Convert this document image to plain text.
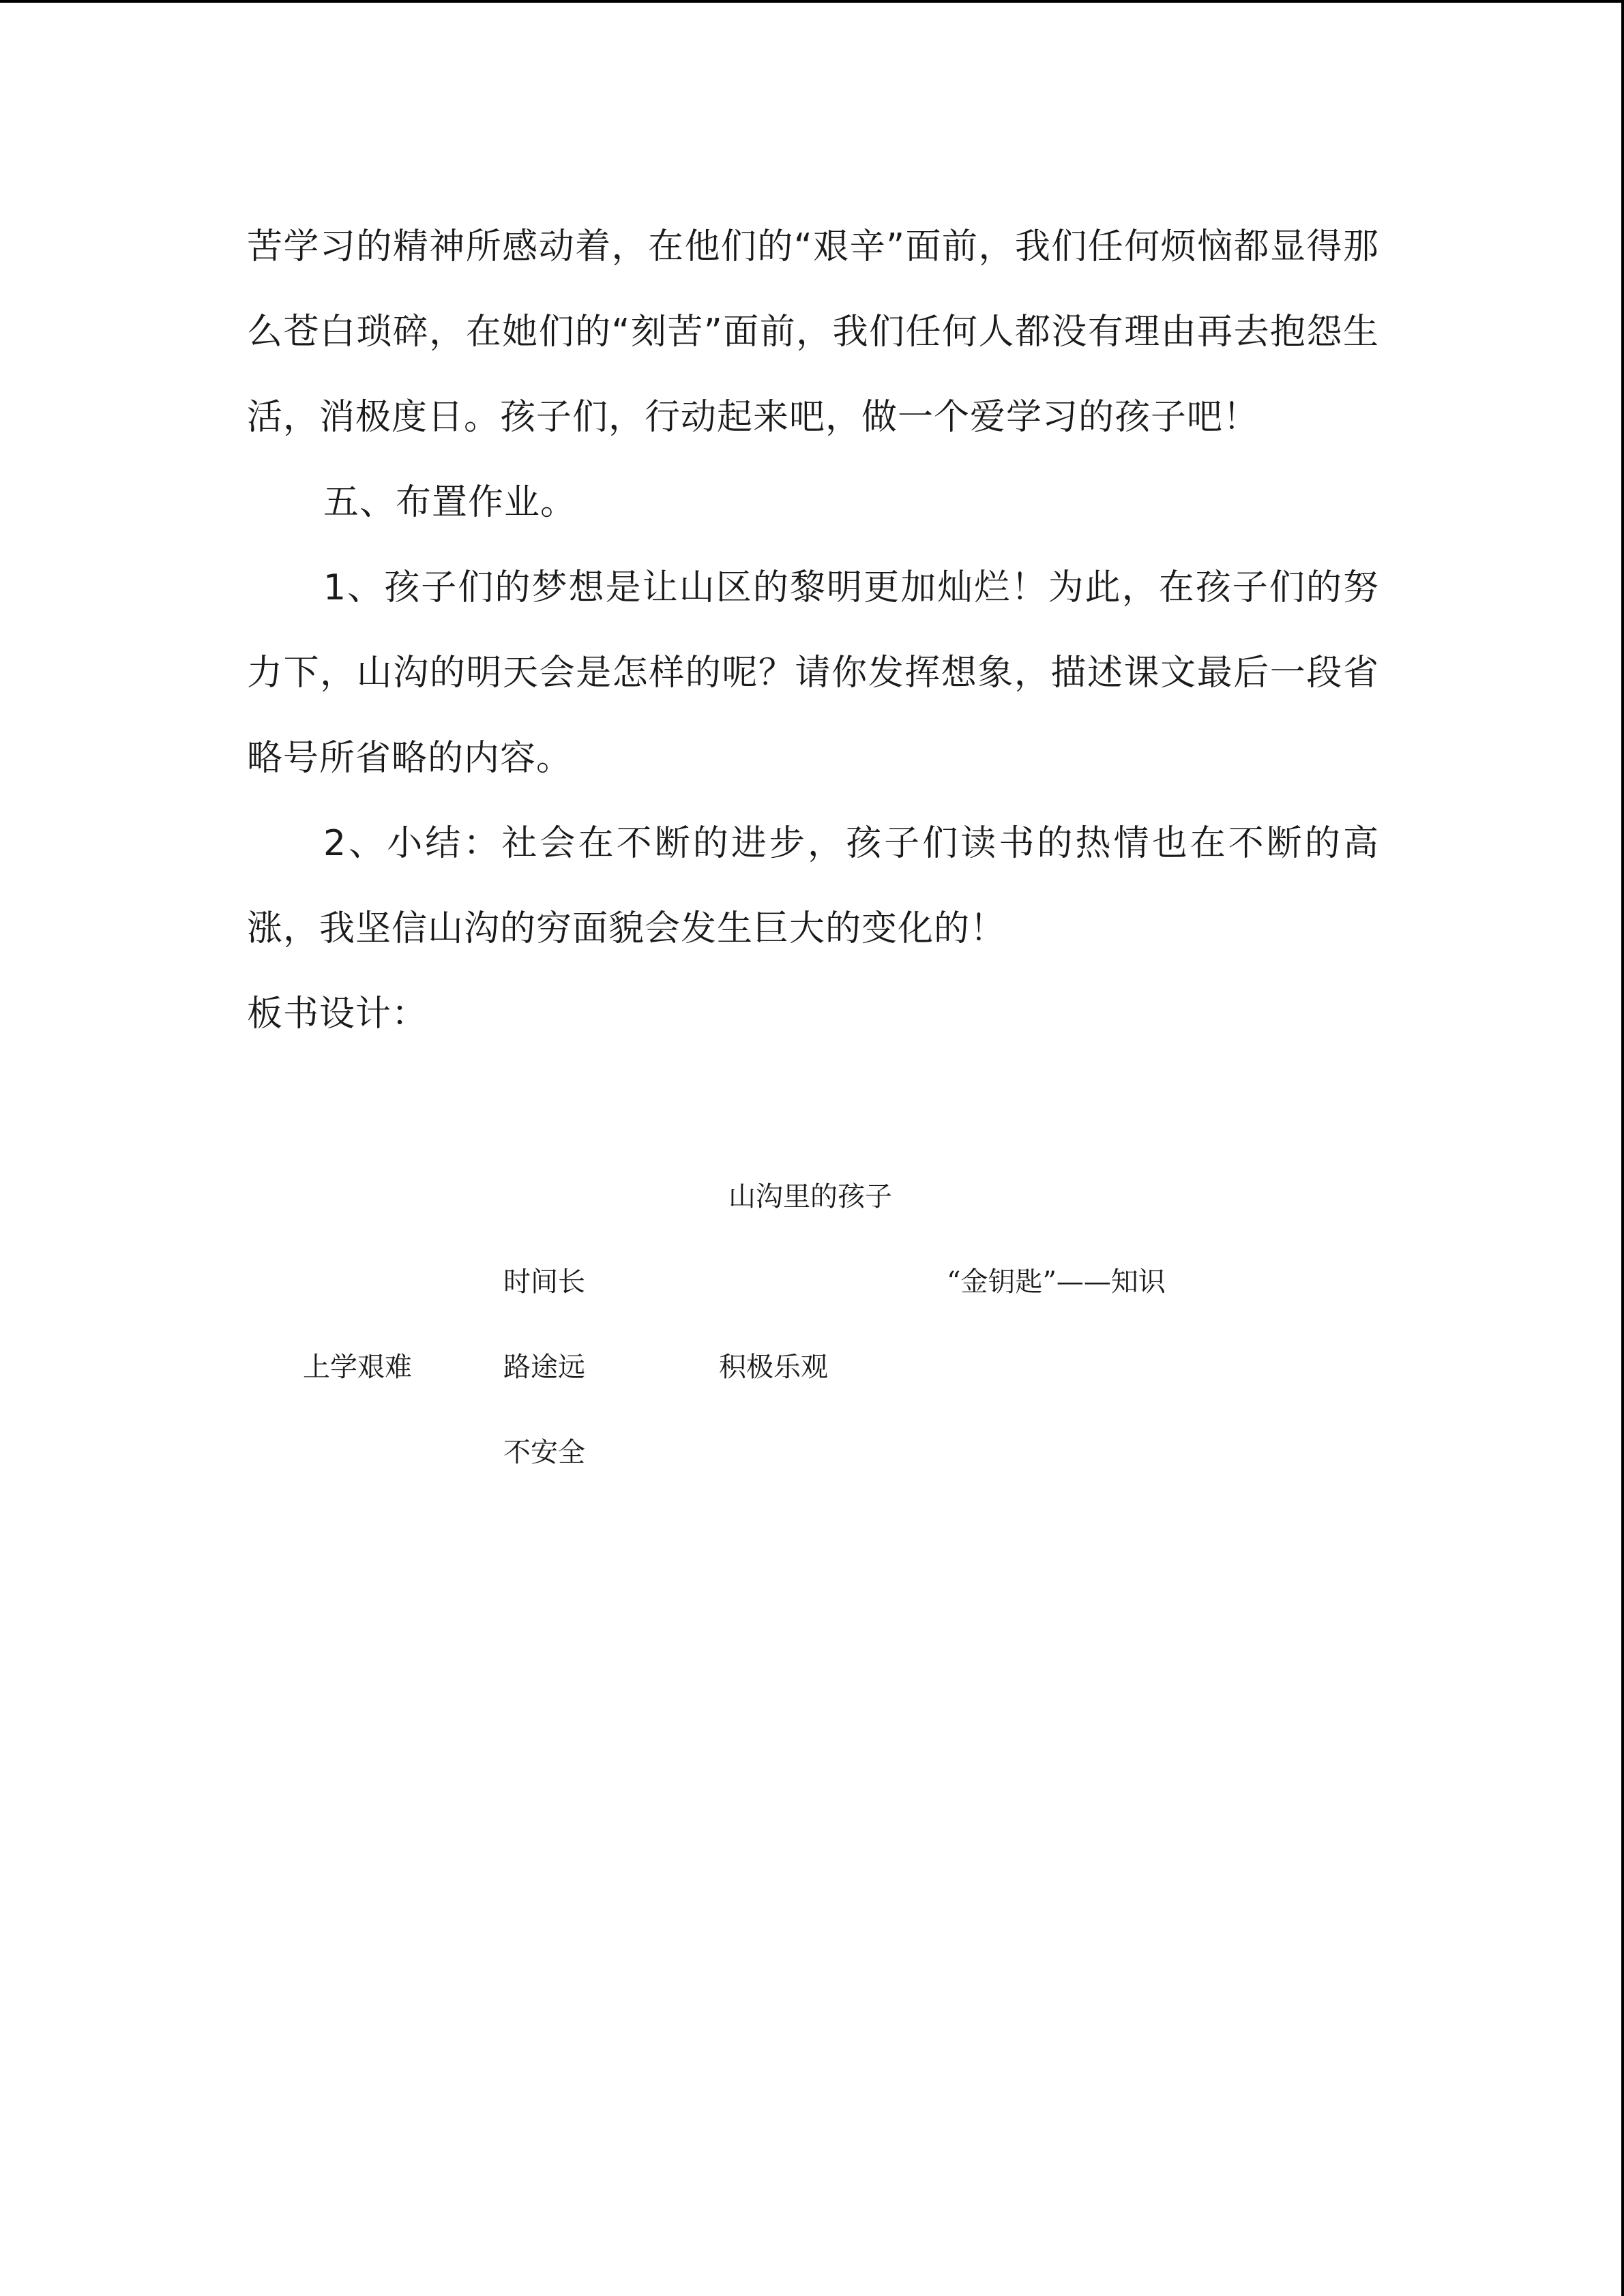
苦学习的精神所感动着，在他们的“艰辛”面前，我们任何烦恼都显得那么苍白琐碎，在她们的“刻苦”面前，我们任何人都没有理由再去抱怨生活，消极度日。孩子们，行动起来吧，做一个爱学习的孩子吧！

五、布置作业。

1、孩子们的梦想是让山区的黎明更加灿烂！为此，在孩子们的努力下，山沟的明天会是怎样的呢？请你发挥想象，描述课文最后一段省略号所省略的内容。

2、小结：社会在不断的进步，孩子们读书的热情也在不断的高涨，我坚信山沟的穷面貌会发生巨大的变化的！

板书设计：

山沟里的孩子
时间长	“金钥匙”——知识
上学艰难	路途远	积极乐观
不安全
